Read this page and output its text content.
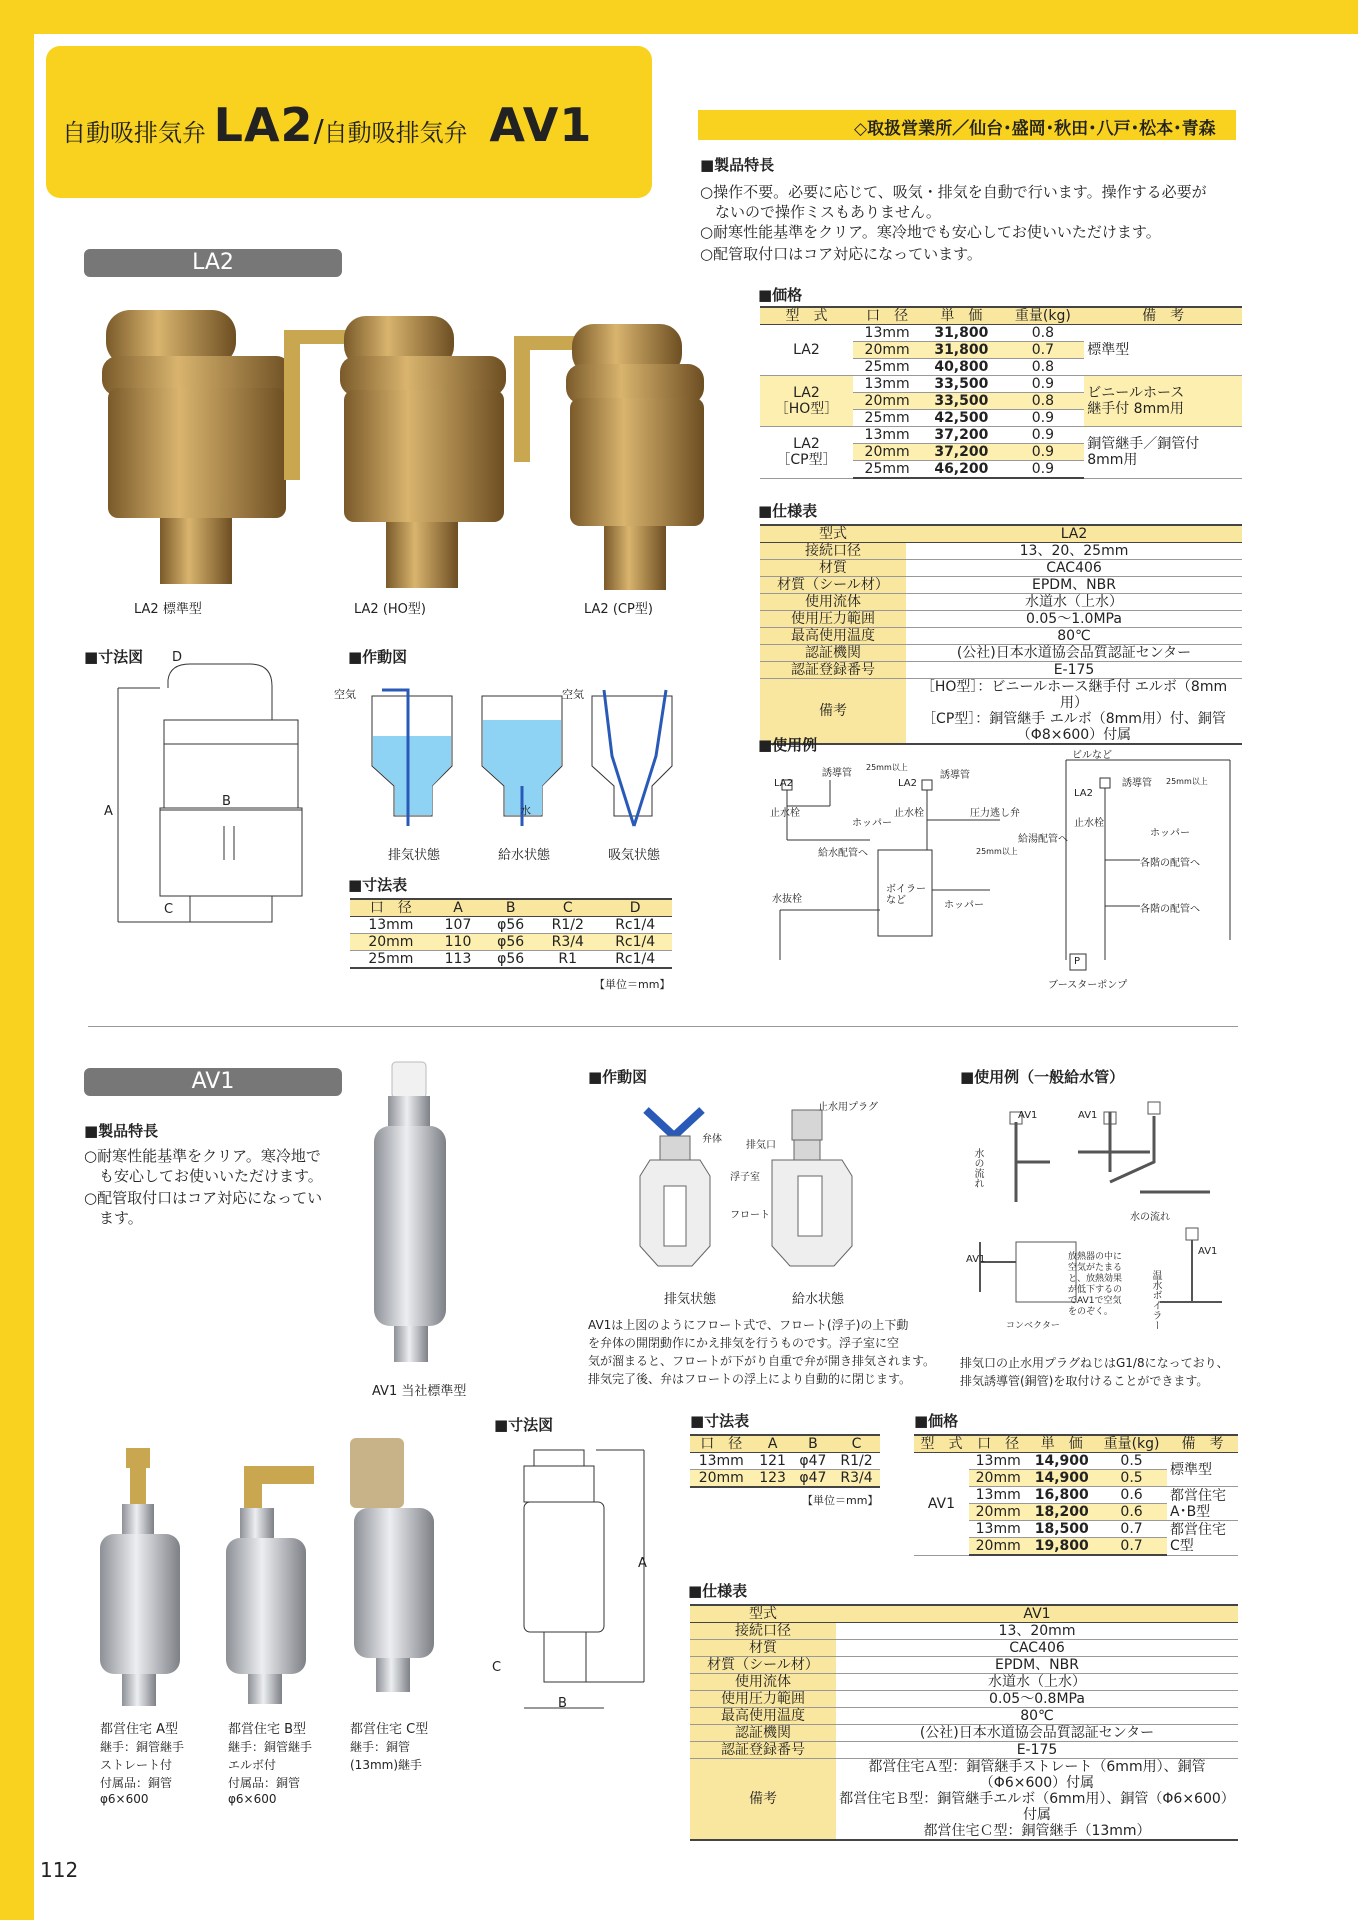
自動吸排気弁 LA2/自動吸排気弁 AV1	◇取扱営業所／仙台･盛岡･秋田･八戸･松本･青森
■製品特長
○操作不要。必要に応じて、吸気・排気を自動で行います。操作する必要が
　ないので操作ミスもありません。
○耐寒性能基準をクリア。寒冷地でも安心してお使いいただけます。
○配管取付口はコア対応になっています。
LA2
LA2 標準型	LA2 (HO型)	LA2 (CP型)
■価格
型　式	口　径	単　価	重量(kg)	備　考
LA2	13mm	31,800	0.8	標準型
	20mm	31,800	0.7	
	25mm	40,800	0.8	
LA2
［HO型］	13mm	33,500	0.9	ビニールホース
継手付 8mm用
	20mm	33,500	0.8	
	25mm	42,500	0.9	
LA2
［CP型］	13mm	37,200	0.9	銅管継手／銅管付
8mm用
	20mm	37,200	0.9	
	25mm	46,200	0.9	
■仕様表
型式	LA2
接続口径	13、20、25mm
材質	CAC406
材質（シール材）	EPDM、NBR
使用流体	水道水（上水）
使用圧力範囲	0.05～1.0MPa
最高使用温度	80℃
認証機関	(公社)日本水道協会品質認証センター
認証登録番号	E-175
備考	［HO型］：ビニールホース継手付 エルボ（8mm用）
［CP型］：銅管継手 エルボ（8mm用）付、銅管（Φ8×600）付属
■寸法図 D
A
B
C
■作動図
空気	空気
水
排気状態	給水状態	吸気状態
■寸法表
口　径	A	B	C	D
13mm	107	φ56	R1/2	Rc1/4
20mm	110	φ56	R3/4	Rc1/4
25mm	113	φ56	R1	Rc1/4
【単位＝mm】
■使用例
LA2	LA2
LA2
誘導管	誘導管
誘導管
25mm以上
25mm以上
25mm以上
止水栓	止水栓
止水栓
ホッパー
ホッパー
ホッパー
圧力逃し弁
給水配管へ
給湯配管へ
ボイラー
など
水抜栓
ビルなど
各階の配管へ
各階の配管へ
P
ブースターポンプ
AV1
■製品特長
○耐寒性能基準をクリア。寒冷地で
　も安心してお使いいただけます。
○配管取付口はコア対応になってい
　ます。
AV1 当社標準型
■作動図
止水用プラグ
弁体
排気口
浮子室
フロート
排気状態	給水状態
AV1は上図のようにフロート式で、フロート(浮子)の上下動
を弁体の開閉動作にかえ排気を行うものです。浮子室に空
気が溜まると、フロートが下がり自重で弁が開き排気されます。
排気完了後、弁はフロートの浮上により自動的に閉じます。
■使用例（一般給水管）
AV1	AV1
AV1
AV1
水の流れ
水の流れ
放熱器の中に
空気がたまる
と、放熱効果
が低下するの
でAV1で空気
をのぞく。
コンベクター	温水ボイラー
排気口の止水用プラグねじはG1/8になっており、
排気誘導管(銅管)を取付けることができます。
都営住宅 A型
継手：銅管継手
ストレート付
付属品：銅管
φ6×600
都営住宅 B型
継手：銅管継手
エルボ付
付属品：銅管
φ6×600
都営住宅 C型
継手：銅管
(13mm)継手
■寸法図
A
B
C
■寸法表
口　径	A	B	C
13mm	121	φ47	R1/2
20mm	123	φ47	R3/4
【単位＝mm】
■価格
型　式	口　径	単　価	重量(kg)	備　考
AV1	13mm	14,900	0.5	標準型
	20mm	14,900	0.5	
	13mm	16,800	0.6	都営住宅
A･B型
	20mm	18,200	0.6	
	13mm	18,500	0.7	都営住宅
C型
	20mm	19,800	0.7	
■仕様表
型式	AV1
接続口径	13、20mm
材質	CAC406
材質（シール材）	EPDM、NBR
使用流体	水道水（上水）
使用圧力範囲	0.05～0.8MPa
最高使用温度	80℃
認証機関	(公社)日本水道協会品質認証センター
認証登録番号	E-175
備考	都営住宅Ａ型：銅管継手ストレート（6mm用）、銅管（Φ6×600）付属
都営住宅Ｂ型：銅管継手エルボ（6mm用）、銅管（Φ6×600）付属
都営住宅Ｃ型：銅管継手（13mm）
112
